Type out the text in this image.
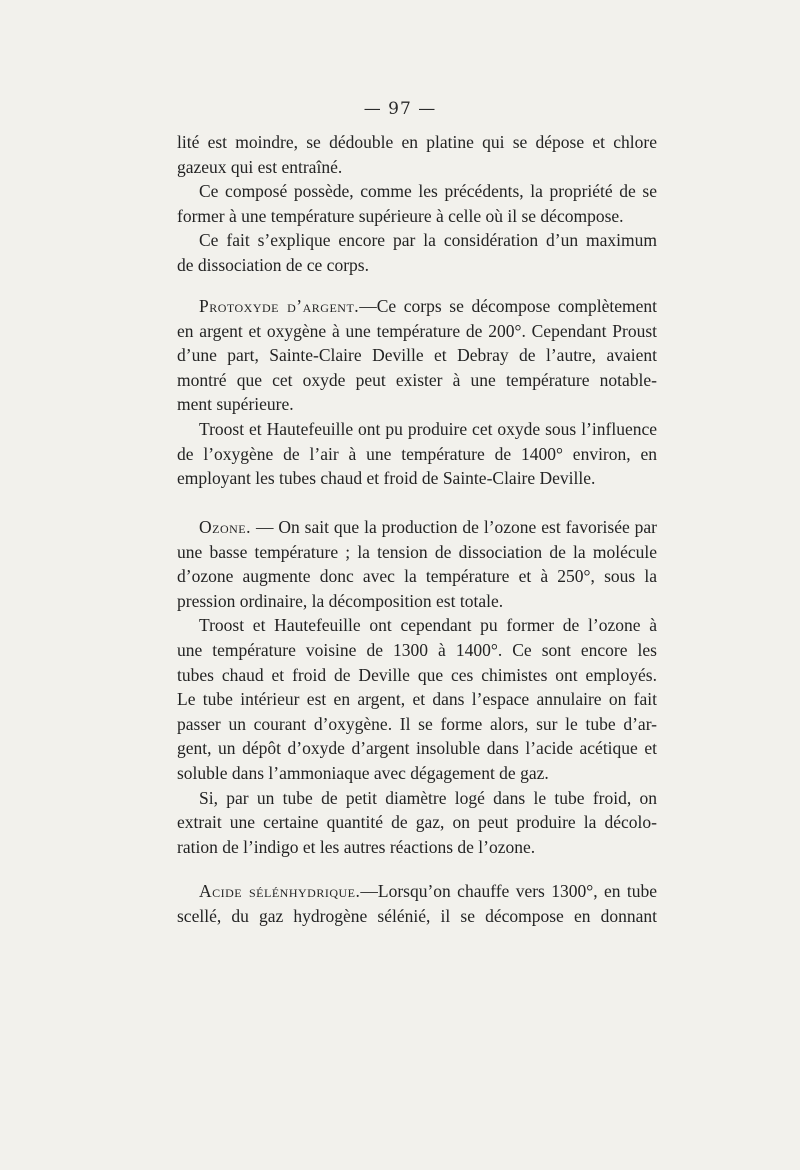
— 97 —
lité est moindre, se dédouble en platine qui se dépose et chlore
gazeux qui est entraîné.
Ce composé possède, comme les précédents, la propriété de se
former à une température supérieure à celle où il se décompose.
Ce fait s’explique encore par la considération d’un maximum
de dissociation de ce corps.
Protoxyde d’argent.—Ce corps se décompose complètement
en argent et oxygène à une température de 200°. Cependant Proust
d’une part, Sainte-Claire Deville et Debray de l’autre, avaient
montré que cet oxyde peut exister à une température notable-
ment supérieure.
Troost et Hautefeuille ont pu produire cet oxyde sous l’influence
de l’oxygène de l’air à une température de 1400° environ, en
employant les tubes chaud et froid de Sainte-Claire Deville.
Ozone. — On sait que la production de l’ozone est favorisée par
une basse température ; la tension de dissociation de la molécule
d’ozone augmente donc avec la température et à 250°, sous la
pression ordinaire, la décomposition est totale.
Troost et Hautefeuille ont cependant pu former de l’ozone à
une température voisine de 1300 à 1400°. Ce sont encore les
tubes chaud et froid de Deville que ces chimistes ont employés.
Le tube intérieur est en argent, et dans l’espace annulaire on fait
passer un courant d’oxygène. Il se forme alors, sur le tube d’ar-
gent, un dépôt d’oxyde d’argent insoluble dans l’acide acétique et
soluble dans l’ammoniaque avec dégagement de gaz.
Si, par un tube de petit diamètre logé dans le tube froid, on
extrait une certaine quantité de gaz, on peut produire la décolo-
ration de l’indigo et les autres réactions de l’ozone.
Acide sélénhydrique.—Lorsqu’on chauffe vers 1300°, en tube
scellé, du gaz hydrogène sélénié, il se décompose en donnant
